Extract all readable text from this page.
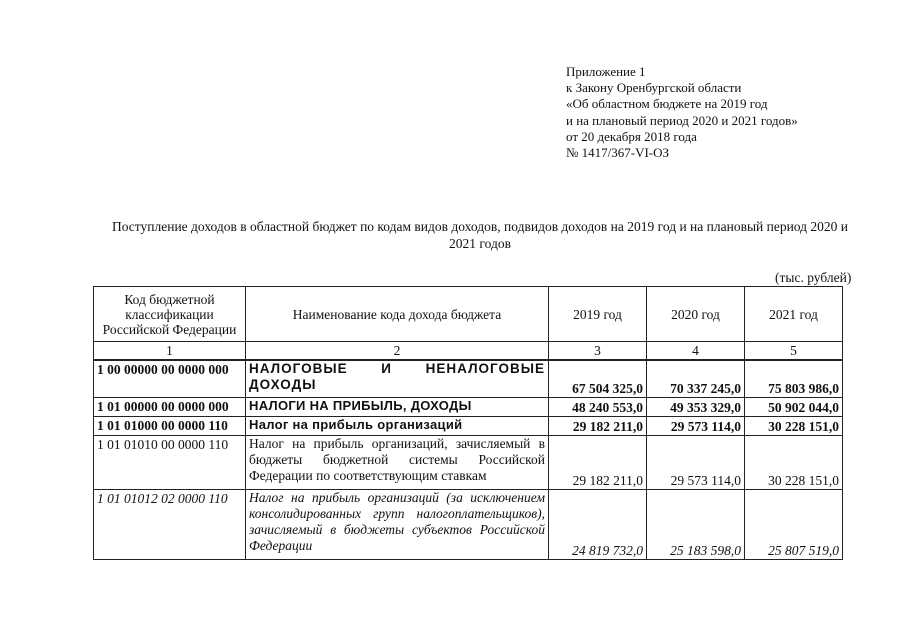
Приложение 1
к Закону Оренбургской области
«Об областном бюджете на 2019 год
и на плановый период 2020 и 2021 годов»
от 20 декабря 2018 года
№ 1417/367-VI-ОЗ
Поступление доходов в областной бюджет по кодам видов доходов, подвидов доходов на 2019 год и на плановый период 2020 и 2021 годов
(тыс. рублей)
Код бюджетной классификации Российской Федерации	Наименование кода дохода бюджета	2019 год	2020 год	2021 год
1	2	3	4	5
1 00 00000 00 0000 000	НАЛОГОВЫЕ И НЕНАЛОГОВЫЕ ДОХОДЫ	67 504 325,0	70 337 245,0	75 803 986,0
1 01 00000 00 0000 000	НАЛОГИ НА ПРИБЫЛЬ, ДОХОДЫ	48 240 553,0	49 353 329,0	50 902 044,0
1 01 01000 00 0000 110	Налог на прибыль организаций	29 182 211,0	29 573 114,0	30 228 151,0
1 01 01010 00 0000 110	Налог на прибыль организаций, зачисляемый в бюджеты бюджетной системы Российской Федерации по соответствующим ставкам	29 182 211,0	29 573 114,0	30 228 151,0
1 01 01012 02 0000 110	Налог на прибыль организаций (за исключением консолидированных групп налогоплательщиков), зачисляемый в бюджеты субъектов Российской Федерации	24 819 732,0	25 183 598,0	25 807 519,0
